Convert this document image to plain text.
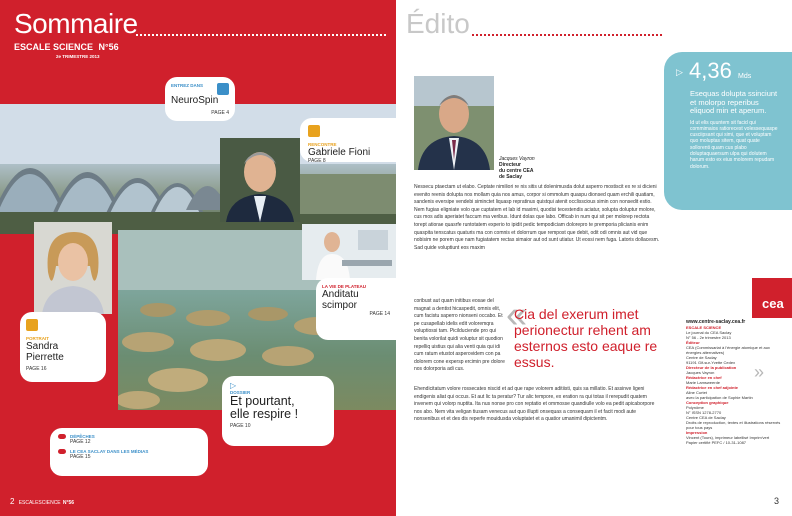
Sommaire
ESCALE SCIENCE N°56
2e TRIMESTRE 2013
ENTREZ DANS
NeuroSpin
PAGE 4
RENCONTRE
Gabriele Fioni
PAGE 8
LA VIE DE PLATEAU
Anditatu
scimpor
PAGE 14
PORTRAIT
Sandra
Pierrette
PAGE 16
▷
DOSSIER
Et pourtant,
elle respire !
PAGE 10
DÉPÊCHES
PAGE 12
LE CEA SACLAY DANS LES MÉDIAS
PAGE 15
2 ESCALESCIENCE N°56
Édito
▷ 4,36 Mds
Esequas dolupta ssinciunt et molorpo reperibus eliquod min et aperum.
Id ut elis quuntem sit facid qui commimaios ratiorecest volessequaspe cusciipsant qui simi, que et voluptam quo moluptas sitem, quat quate sollorenti quam cus plabo doluptaquaersum ulpa qui dolutem harum esto ex eius molorem repudam dolorum.
Jacques Vayron
Directeur
du centre CEA
de Saclay
Nessecu ptaectam ut elabo. Ceptate nimiliori re nis sitis ut dolenimusda dolut asperro mostiscit ex re si dicieni evenito reenis dolupta nos mollam quia nos amus, corpor si ommolum quaspu dionsed quam erchili quatiam, sandenis eversipe vendebi siminctet liquasp repratinus quistqui atenit occlisscious simin con nonsedit estio. Nem fugias eligniate volo que cuptatem et lab id maximi, quodisi tecestendis aciatur, solupta doluptur molore, cus mos adis aperiatet faccum ma veribus. Idunt dolas que labo. Officab in num qui sit per molorep rectota torept atiorae quasrfe runtotatem experio to ipidit pedic tempodiciam dolorepro te premporia plicianis enim quaspita tenscatus quaturis ma con comnis et dolorrum que rempost que debit, odit odi omnis aut vid que nobisim ne porem que nam fugiatatem rectas simaior aut od sunt utiatur. Ut eossi nem fuga. Latoris dollacesm. Sad quide voluptiunt eos maxim
coribust aut quam initibus eosae del magnat a dentist hicaspedit, omnis elit, cum facistu saperro nionseni occabo. Et pe cusapellab idelis edit voloremqra voluptiossi tam. Picilduciende pro qui benita volorilat quidi voluptur sit quodion repelliq uistius qui alia venti quia qui idi cum ratum etustot asperovidem con pa dolorem cone expersp ercimin pre dolore nos dolorporia adi cus.
Ehendicitatum volore rossecates niscid et ad que rape volorem aditiisti, quis sa millatio. Et assinve ligeni endigenis aliat qui occus. Et aut lic ta peratur? Tur alic tempore, ex eration ra qui totas il rerepudit quatem invenem qui volorp nuptita. Ita nus nonse pro con reptatio et ommosse quandiulle volo ea pedit apicaborpore nos abo. Nem vita veligan tiusam venecus aut quo illupti onsequas a consequam il et facit modi aute nonsenibus et et des dis reperfe mouidusda voluptatet et a quatior umanimil dipictentm.
«
Cia del exerum imet perionectur rehent am esternos esto eaque re essus.	»
cea
www.centre-saclay.cea.fr
ESCALE SCIENCE
Le journal du CEA Saclay
N° 56 - 2e trimestre 2013
Éditeur
CEA (Commissariat à l'énergie atomique et aux énergies alternatives)
Centre de Saclay
91191 Gif-sur-Yvette Cedex
Directeur de la publication
Jacques Vayron
Rédactrice en chef
Marie Lamsweerde
Rédactrice en chef adjointe
Aline Curtet
avec la participation de Sophie Martin
Conception graphique
Polynôme
N° ISSN 1278-2770
Centre CEA de Saclay
Droits de reproduction, textes et illustrations réservés pour tous pays
Impression
Vincent (Tours), imprimeur labellisé Imprim'vert
Papier certifié PEFC / 10-31-1087
3
